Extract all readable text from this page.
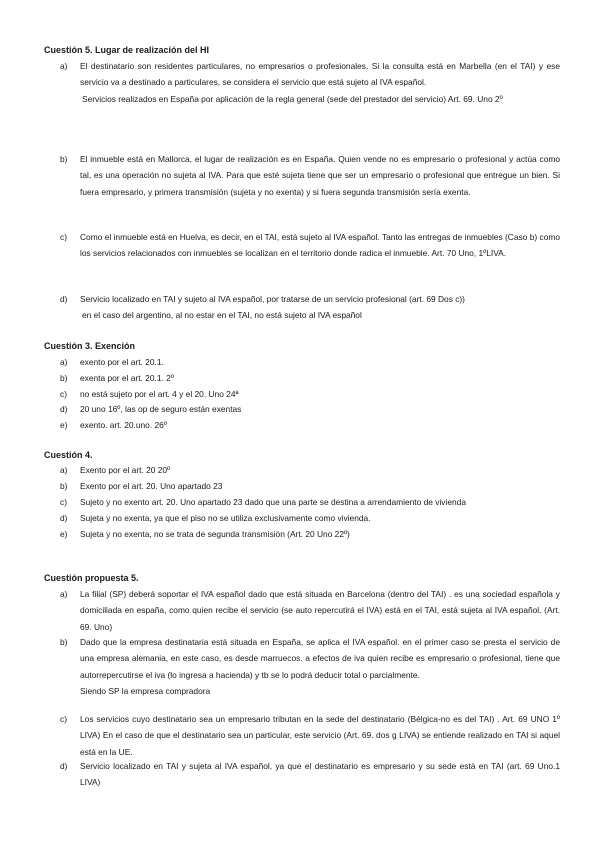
Cuestión 5. Lugar de realización del HI
a)	El destinatario son residentes particulares, no empresarios o profesionales. Si la consulta está en Marbella (en el TAI) y ese servicio va a destinado a particulares, se considera el servicio que está sujeto al IVA español.
Servicios realizados en España por aplicación de la regla general (sede del prestador del servicio) Art. 69. Uno 2º
b)	El inmueble está en Mallorca, el lugar de realización es en España. Quien vende no es empresario o profesional y actúa como tal, es una operación no sujeta al IVA. Para que esté sujeta tiene que ser un empresario o profesional que entregue un bien. Si fuera empresario, y primera transmisión (sujeta y no exenta) y si fuera segunda transmisión sería exenta.
c)	Como el inmueble está en Huelva, es decir, en el TAI, está sujeto al IVA español. Tanto las entregas de inmuebles (Caso b) como los servicios relacionados con inmuebles se localizan en el territorio donde radica el inmueble. Art. 70 Uno, 1ºLIVA.
d)	Servicio localizado en TAI y sujeto al IVA español, por tratarse de un servicio profesional (art. 69 Dos c))
en el caso del argentino, al no estar en el TAI, no está sujeto al IVA español
Cuestión 3. Exención
a)	exento por el art. 20.1.
b)	exenta por el art. 20.1. 2º
c)	no está sujeto por el art. 4 y el 20. Uno 24ª
d)	20 uno 16º, las op de seguro están exentas
e)	exento. art. 20.uno. 26º
Cuestión 4.
a)	Exento por el art. 20 20º
b)	Exento por el art. 20. Uno apartado 23
c)	Sujeto y no exento art. 20. Uno apartado 23 dado que una parte se destina a arrendamiento de vivienda
d)	Sujeta y no exenta, ya que el piso no se utiliza exclusivamente como vivienda.
e)	Sujeta y no exenta, no se trata de segunda transmisión (Art. 20 Uno 22º)
Cuestión propuesta 5.
a)	La filial (SP) deberá soportar el IVA español dado que está situada en Barcelona (dentro del TAI) . es una sociedad española y domiciliada en españa, como quien recibe el servicio (se auto repercutirá el IVA) está en el TAI, está sujeta al IVA español. (Art. 69. Uno)
b)	Dado que la empresa destinataria está situada en España, se aplica el IVA español. en el primer caso se presta el servicio de una empresa alemania, en este caso, es desde marruecos. a efectos de iva quien recibe es empresario o profesional, tiene que autorrepercutirse el iva (lo ingresa a hacienda) y tb se lo podrá deducir total o parcialmente.
Siendo SP la empresa compradora
c)	Los servicios cuyo destinatario sea un empresario tributan en la sede del destinatario (Bélgica-no es del TAI) . Art. 69 UNO 1º LIVA) En el caso de que el destinatario sea un particular, este servicio (Art. 69. dos g LIVA) se entiende realizado en TAI si aquel está en la UE.
d)	Servicio localizado en TAI y sujeta al IVA español, ya que el destinatario es empresario y su sede está en TAI (art. 69 Uno.1 LIVA)
